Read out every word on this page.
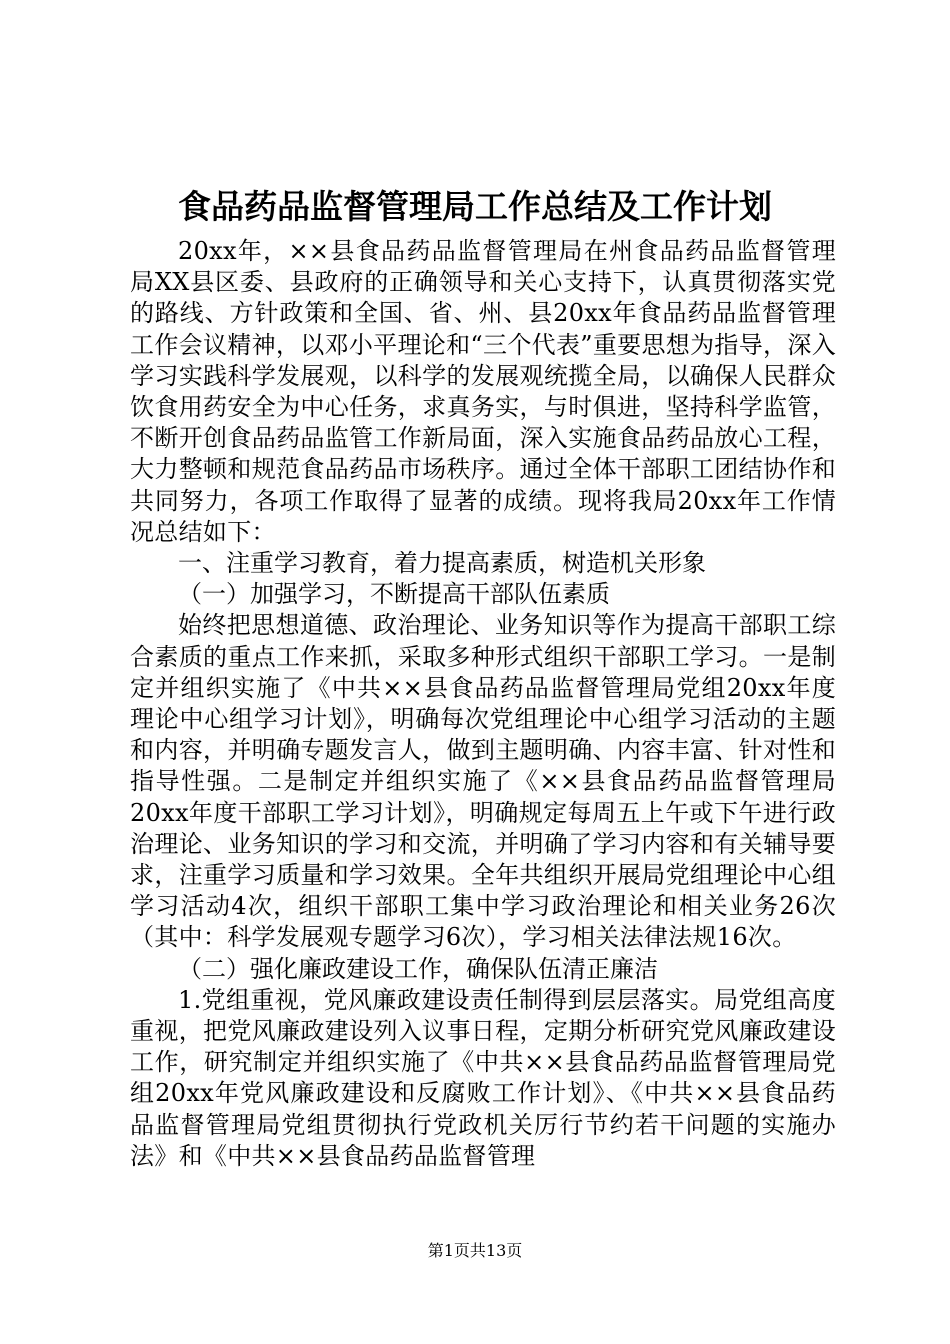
食品药品监督管理局工作总结及工作计划

20xx年，××县食品药品监督管理局在州食品药品监督管理局XX县区委、县政府的正确领导和关心支持下，认真贯彻落实党的路线、方针政策和全国、省、州、县20xx年食品药品监督管理工作会议精神，以邓小平理论和“三个代表”重要思想为指导，深入学习实践科学发展观，以科学的发展观统揽全局，以确保人民群众饮食用药安全为中心任务，求真务实，与时俱进，坚持科学监管，不断开创食品药品监管工作新局面，深入实施食品药品放心工程，大力整顿和规范食品药品市场秩序。通过全体干部职工团结协作和共同努力，各项工作取得了显著的成绩。现将我局20xx年工作情况总结如下：

一、注重学习教育，着力提高素质，树造机关形象

（一）加强学习，不断提高干部队伍素质

始终把思想道德、政治理论、业务知识等作为提高干部职工综合素质的重点工作来抓，采取多种形式组织干部职工学习。一是制定并组织实施了《中共××县食品药品监督管理局党组20xx年度理论中心组学习计划》，明确每次党组理论中心组学习活动的主题和内容，并明确专题发言人，做到主题明确、内容丰富、针对性和指导性强。二是制定并组织实施了《××县食品药品监督管理局20xx年度干部职工学习计划》，明确规定每周五上午或下午进行政治理论、业务知识的学习和交流，并明确了学习内容和有关辅导要求，注重学习质量和学习效果。全年共组织开展局党组理论中心组学习活动4次，组织干部职工集中学习政治理论和相关业务26次（其中：科学发展观专题学习6次），学习相关法律法规16次。

（二）强化廉政建设工作，确保队伍清正廉洁

1.党组重视，党风廉政建设责任制得到层层落实。局党组高度重视，把党风廉政建设列入议事日程，定期分析研究党风廉政建设工作，研究制定并组织实施了《中共××县食品药品监督管理局党组20xx年党风廉政建设和反腐败工作计划》、《中共××县食品药品监督管理局党组贯彻执行党政机关厉行节约若干问题的实施办法》和《中共××县食品药品监督管理

第1页共13页
